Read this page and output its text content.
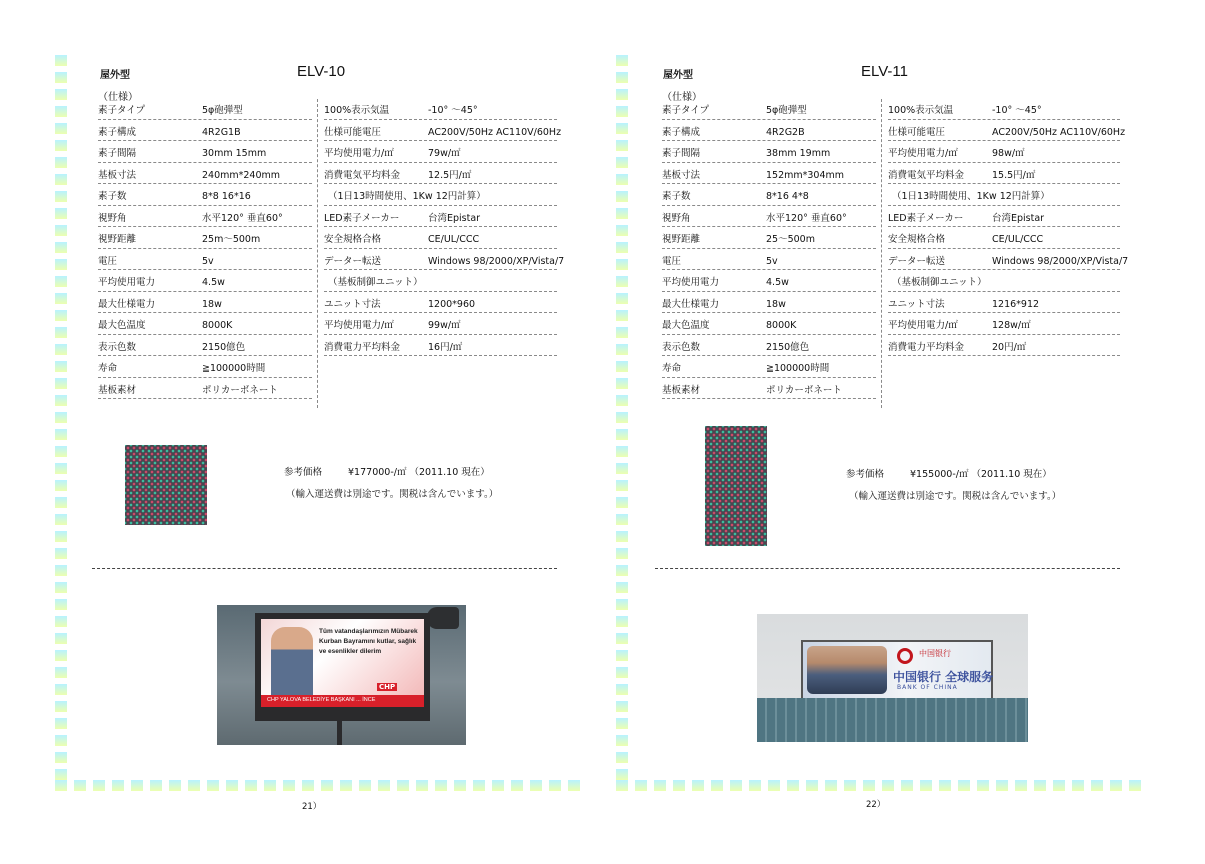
屋外型	ELV-10
（仕様）
素子タイプ	5φ砲弾型
素子構成	4R2G1B
素子間隔	30mm 15mm
基板寸法	240mm*240mm
素子数	8*8 16*16
視野角	水平120° 垂直60°
視野距離	25m〜500m
電圧	5v
平均使用電力	4.5w
最大仕様電力	18w
最大色温度	8000K
表示色数	2150億色
寿命	≧100000時間
基板素材	ポリカーボネート
100%表示気温	-10° 〜45°
仕様可能電圧	AC200V/50Hz AC110V/60Hz
平均使用電力/㎡	79w/㎡
消費電気平均料金	12.5円/㎡
（1日13時間使用、1Kw 12円計算）
LED素子メーカー	台湾Epistar
安全規格合格	CE/UL/CCC
データー転送	Windows 98/2000/XP/Vista/7
（基板制御ユニット）
ユニット寸法	1200*960
平均使用電力/㎡	99w/㎡
消費電力平均料金	16円/㎡
参考価格	¥177000-/㎡ （2011.10 現在）
（輸入運送費は別途です。関税は含んでいます。）
Tüm vatandaşlarımızın Mübarek Kurban Bayramını kutlar, sağlık ve esenlikler dilerim
CHP
CHP YALOVA BELEDİYE BAŞKANI ... İNCE
21）
屋外型	ELV-11
（仕様）
素子タイプ	5φ砲弾型
素子構成	4R2G2B
素子間隔	38mm 19mm
基板寸法	152mm*304mm
素子数	8*16 4*8
視野角	水平120° 垂直60°
視野距離	25〜500m
電圧	5v
平均使用電力	4.5w
最大仕様電力	18w
最大色温度	8000K
表示色数	2150億色
寿命	≧100000時間
基板素材	ポリカーボネート
100%表示気温	-10° 〜45°
仕様可能電圧	AC200V/50Hz AC110V/60Hz
平均使用電力/㎡	98w/㎡
消費電気平均料金	15.5円/㎡
（1日13時間使用、1Kw 12円計算）
LED素子メーカー	台湾Epistar
安全規格合格	CE/UL/CCC
データー転送	Windows 98/2000/XP/Vista/7
（基板制御ユニット）
ユニット寸法	1216*912
平均使用電力/㎡	128w/㎡
消費電力平均料金	20円/㎡
参考価格	¥155000-/㎡ （2011.10 現在）
（輸入運送費は別途です。関税は含んでいます。）
中国银行
中国银行 全球服务
BANK OF CHINA
22）
